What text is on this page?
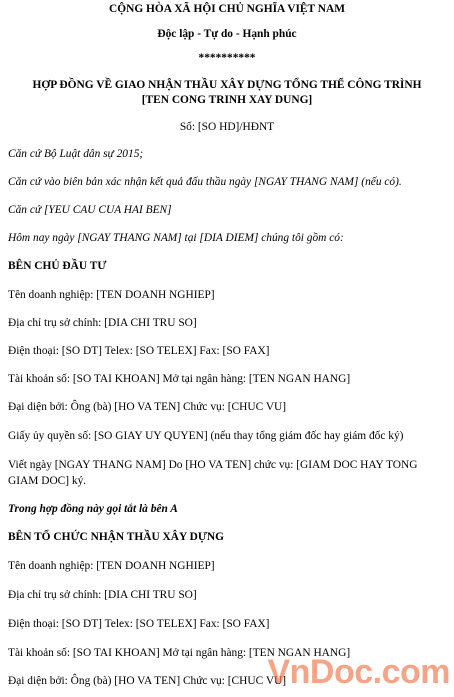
CỘNG HÒA XÃ HỘI CHỦ NGHĨA VIỆT NAM

Độc lập - Tự do - Hạnh phúc

**********

HỢP ĐỒNG VỀ GIAO NHẬN THẦU XÂY DỰNG TỔNG THỂ CÔNG TRÌNH

[TEN CONG TRINH XAY DUNG]

Số: [SO HD]/HĐNT

Căn cứ Bộ Luật dân sự 2015;

Căn cứ vào biên bản xác nhận kết quả đấu thầu ngày [NGAY THANG NAM] (nếu có).

Căn cứ [YEU CAU CUA HAI BEN]

Hôm nay ngày [NGAY THANG NAM] tại [DIA DIEM] chúng tôi gồm có:

BÊN CHỦ ĐẦU TƯ

Tên doanh nghiệp: [TEN DOANH NGHIEP]

Địa chỉ trụ sở chính: [DIA CHI TRU SO]

Điện thoại: [SO DT] Telex: [SO TELEX] Fax: [SO FAX]

Tài khoản số: [SO TAI KHOAN] Mở tại ngân hàng: [TEN NGAN HANG]

Đại diện bởi: Ông (bà) [HO VA TEN] Chức vụ: [CHUC VU]

Giấy ủy quyền số: [SO GIAY UY QUYEN] (nếu thay tổng giám đốc hay giám đốc ký)

Viết ngày [NGAY THANG NAM] Do [HO VA TEN] chức vụ: [GIAM DOC HAY TONG

GIAM DOC] ký.

Trong hợp đồng này gọi tắt là bên A

BÊN TỔ CHỨC NHẬN THẦU XÂY DỰNG

Tên doanh nghiệp: [TEN DOANH NGHIEP]

Địa chỉ trụ sở chính: [DIA CHI TRU SO]

Điện thoại: [SO DT] Telex: [SO TELEX] Fax: [SO FAX]

Tài khoản số: [SO TAI KHOAN] Mở tại ngân hàng: [TEN NGAN HANG]

Đại diện bởi: Ông (bà) [HO VA TEN] Chức vụ: [CHUC VU]

VnDoc.com
